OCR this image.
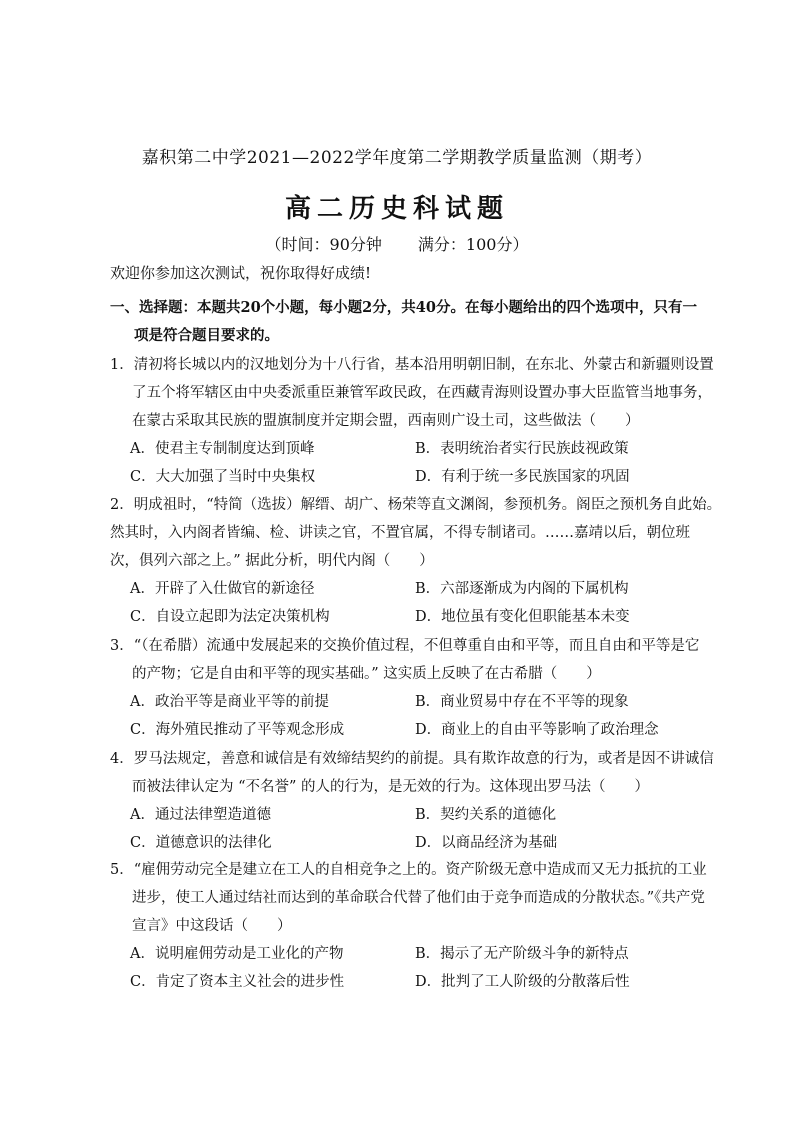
嘉积第二中学2021—2022学年度第二学期教学质量监测（期考）
高二历史科试题
（时间：90分钟 满分：100分）
欢迎你参加这次测试，祝你取得好成绩!
一、选择题：本题共20个小题，每小题2分，共40分。在每小题给出的四个选项中，只有一
项是符合题目要求的。
1．清初将长城以内的汉地划分为十八行省，基本沿用明朝旧制，在东北、外蒙古和新疆则设置
了五个将军辖区由中央委派重臣兼管军政民政，在西藏青海则设置办事大臣监管当地事务，
在蒙古采取其民族的盟旗制度并定期会盟，西南则广设土司，这些做法（　　）
A．使君主专制制度达到顶峰	B．表明统治者实行民族歧视政策
C．大大加强了当时中央集权	D．有利于统一多民族国家的巩固
2．明成祖时，“特简（选拔）解缙、胡广、杨荣等直文渊阁，参预机务。阁臣之预机务自此始。
然其时，入内阁者皆编、检、讲读之官，不置官属，不得专制诸司。……嘉靖以后，朝位班
次，俱列六部之上。” 据此分析，明代内阁（　　）
A．开辟了入仕做官的新途径	B．六部逐渐成为内阁的下属机构
C．自设立起即为法定决策机构	D．地位虽有变化但职能基本未变
3．“（在希腊）流通中发展起来的交换价值过程，不但尊重自由和平等，而且自由和平等是它
的产物；它是自由和平等的现实基础。” 这实质上反映了在古希腊（　　）
A．政治平等是商业平等的前提	B．商业贸易中存在不平等的现象
C．海外殖民推动了平等观念形成	D．商业上的自由平等影响了政治理念
4．罗马法规定，善意和诚信是有效缔结契约的前提。具有欺诈故意的行为，或者是因不讲诚信
而被法律认定为 “不名誉” 的人的行为，是无效的行为。这体现出罗马法（　　）
A．通过法律塑造道德	B．契约关系的道德化
C．道德意识的法律化	D．以商品经济为基础
5．“雇佣劳动完全是建立在工人的自相竞争之上的。资产阶级无意中造成而又无力抵抗的工业
进步，使工人通过结社而达到的革命联合代替了他们由于竞争而造成的分散状态。”《共产党
宣言》中这段话（　　）
A．说明雇佣劳动是工业化的产物	B．揭示了无产阶级斗争的新特点
C．肯定了资本主义社会的进步性	D．批判了工人阶级的分散落后性
